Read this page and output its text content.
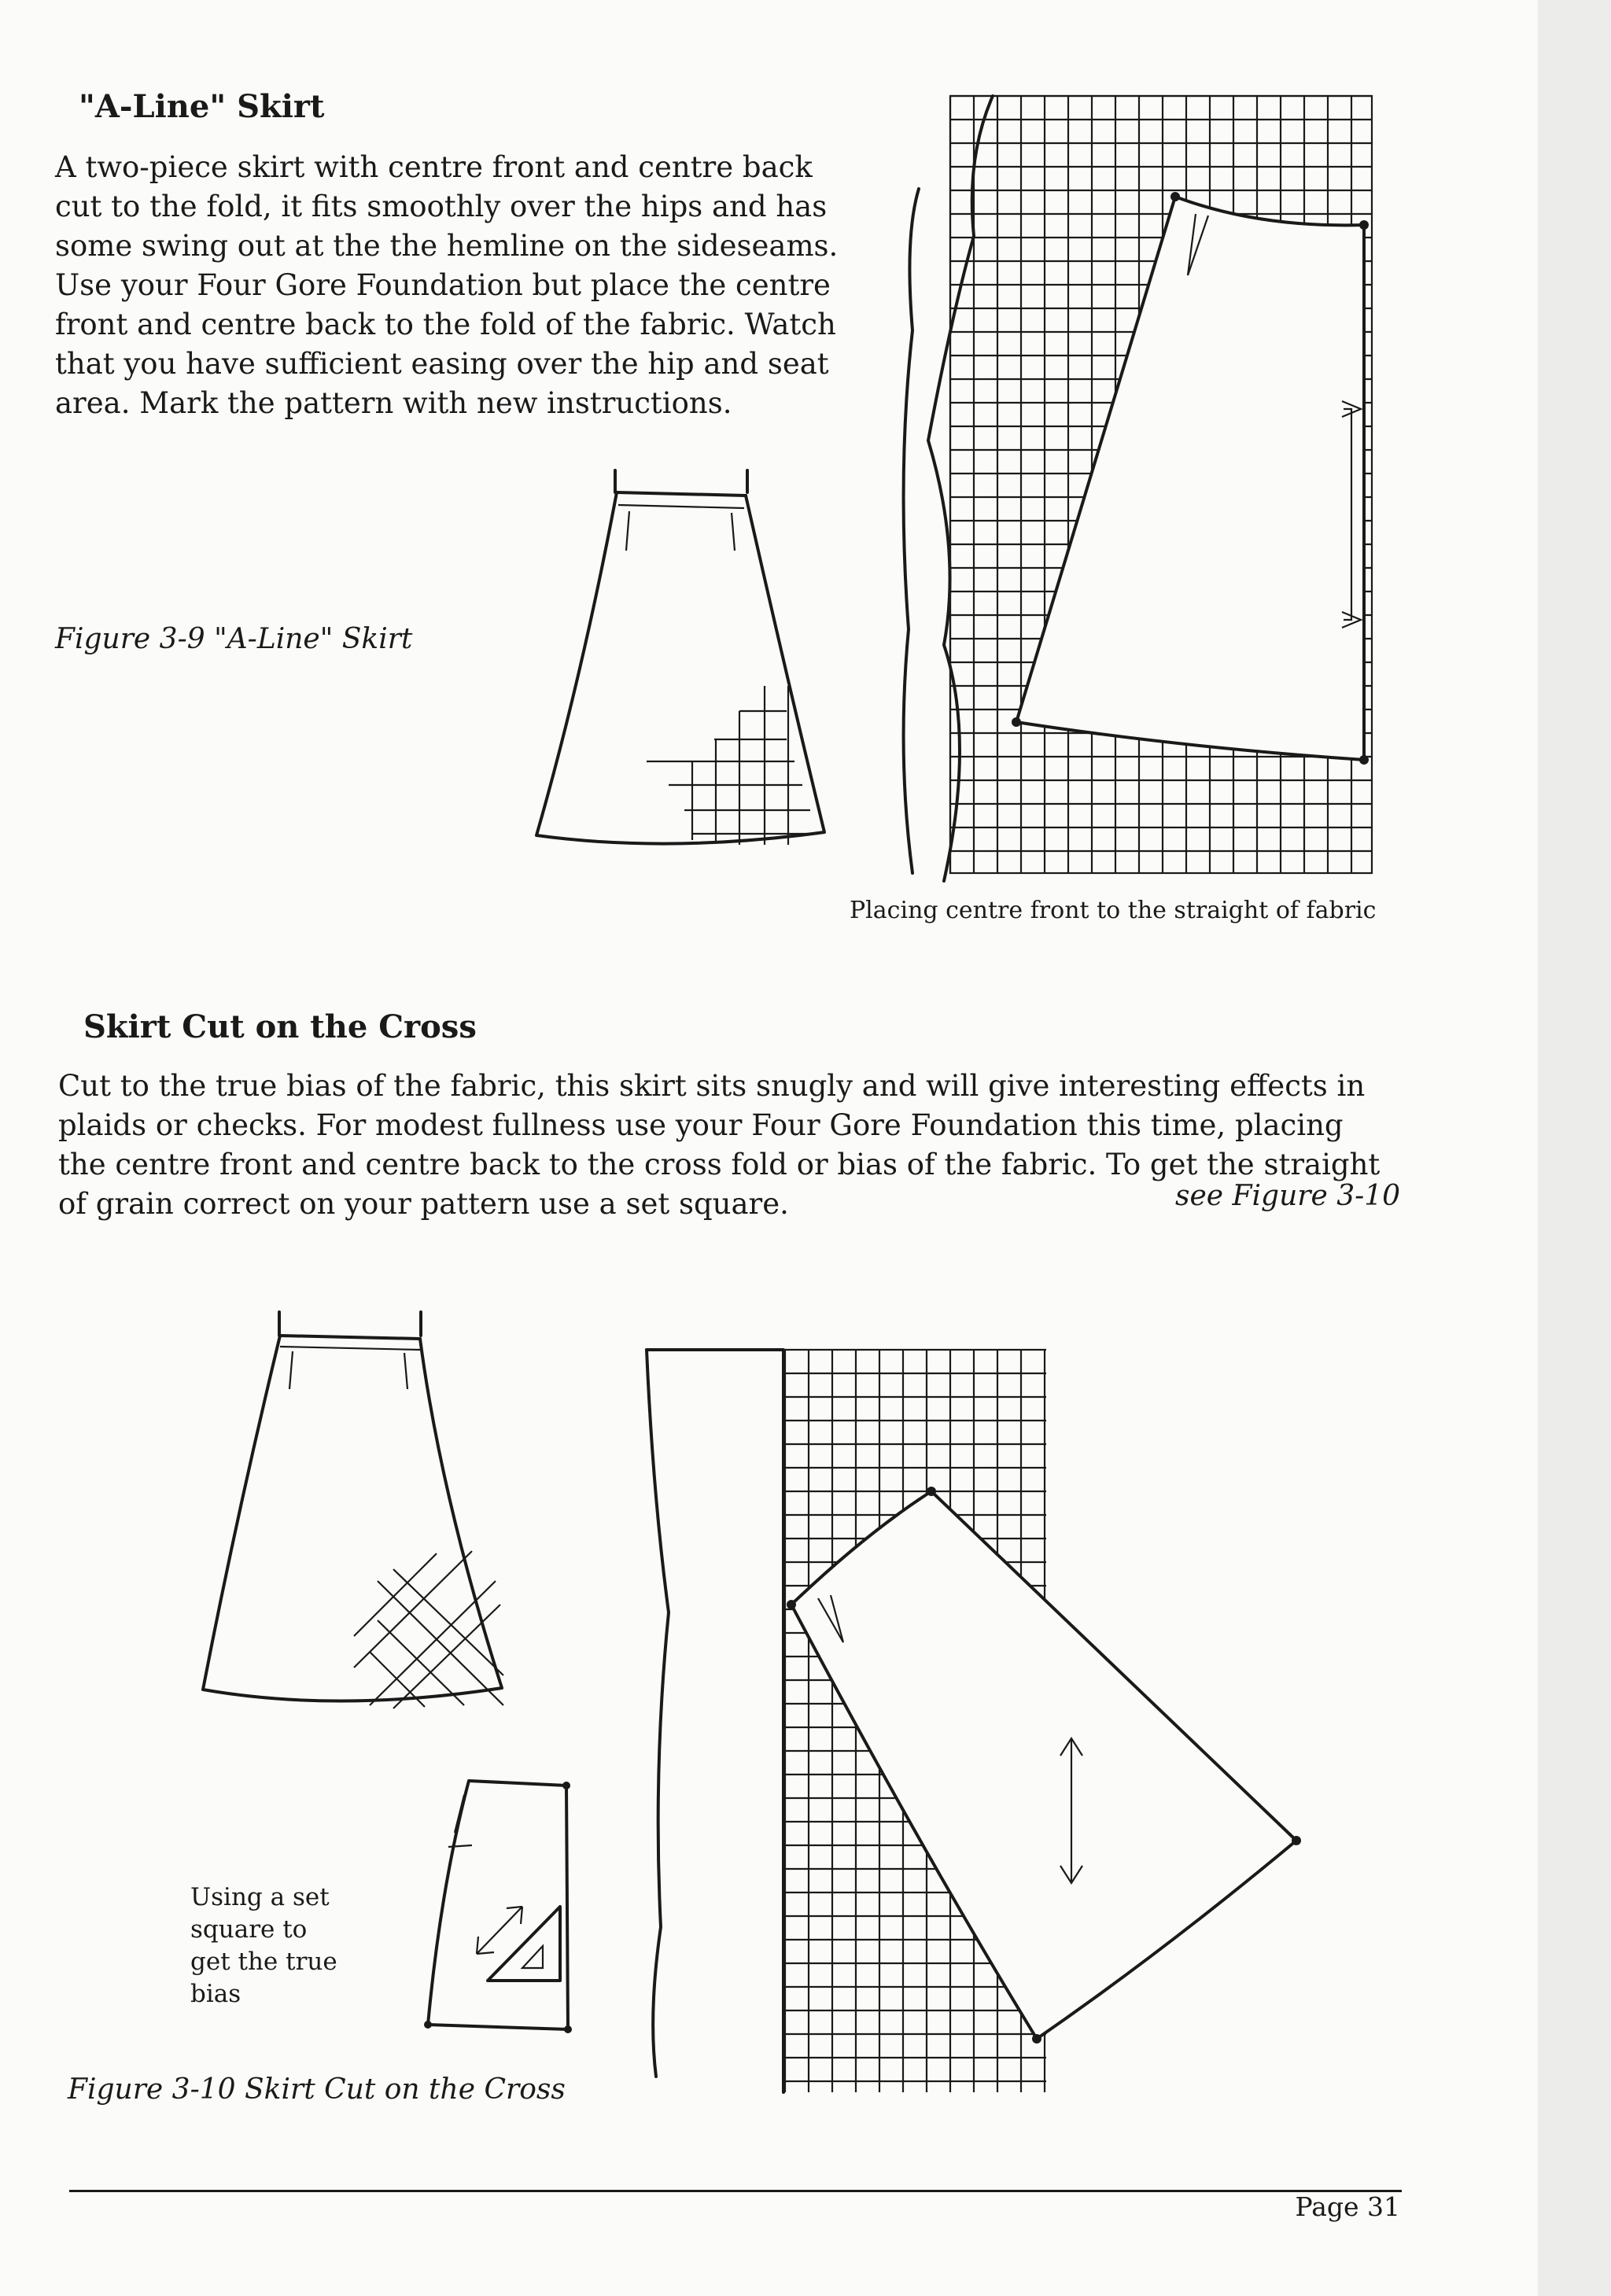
"A-Line" Skirt

A two-piece skirt with centre front and centre back

cut to the fold, it fits smoothly over the hips and has

some swing out at the the hemline on the sideseams.

Use your Four Gore Foundation but place the centre

front and centre back to the fold of the fabric. Watch

that you have sufficient easing over the hip and seat

area. Mark the pattern with new instructions.

Figure 3-9 "A-Line" Skirt

Placing centre front to the straight of fabric

Skirt Cut on the Cross

Cut to the true bias of the fabric, this skirt sits snugly and will give interesting effects in

plaids or checks. For modest fullness use your Four Gore Foundation this time, placing

the centre front and centre back to the cross fold or bias of the fabric. To get the straight

of grain correct on your pattern use a set square.	see Figure 3-10

Using a set

square to

get the true

bias

Figure 3-10 Skirt Cut on the Cross

Page 31
